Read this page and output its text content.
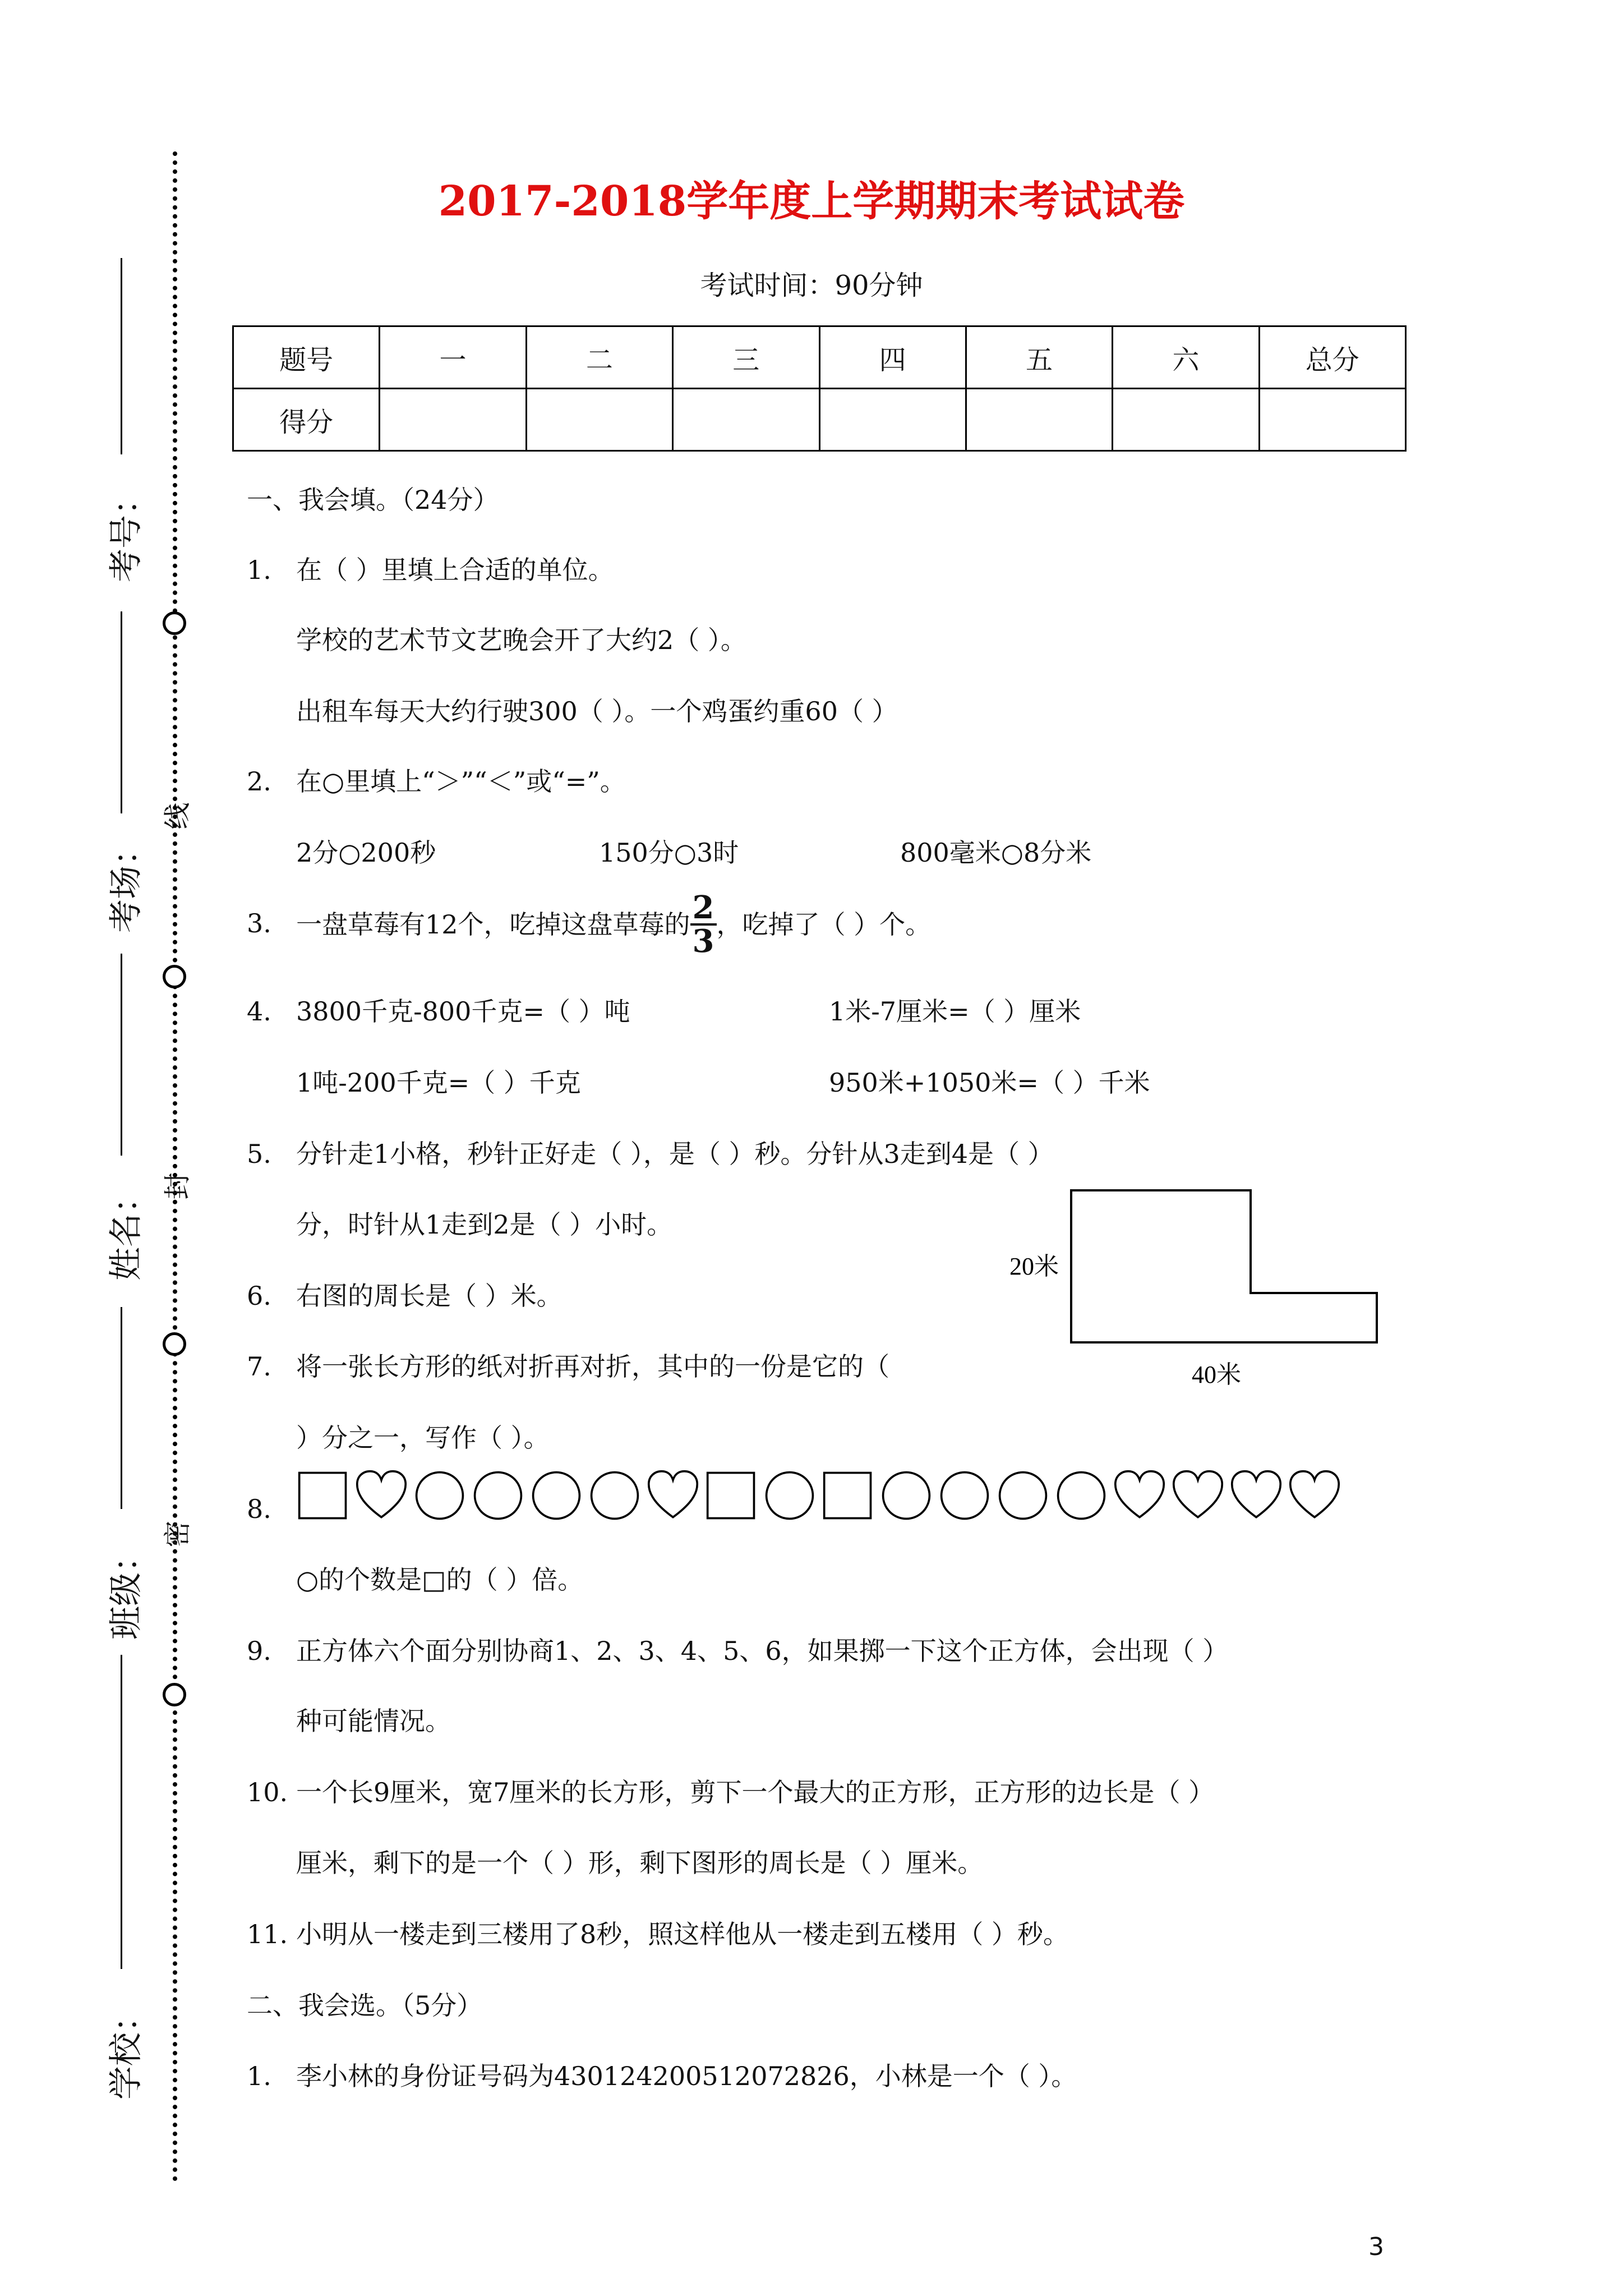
线
封
密
考号：
考场：
姓名：
班级：
学校：
2017-2018学年度上学期期末考试试卷
考试时间：90分钟
题号	一	二	三	四	五	六	总分
得分							
一、我会填。（24分）
1. 在（ ）里填上合适的单位。
学校的艺术节文艺晚会开了大约2（ ）。
出租车每天大约行驶300（ ）。一个鸡蛋约重60（ ）
2. 在○里填上“＞”“＜”或“=”。
2分○200秒	150分○3时	800毫米○8分米
3. 一盘草莓有12个，吃掉这盘草莓的 $\frac{2}{3}$ ，吃掉了（ ）个。
4. 3800千克-800千克=（ ）吨	1米-7厘米=（ ）厘米
1吨-200千克=（ ）千克	950米+1050米=（ ）千米
5. 分针走1小格，秒针正好走（ ），是（ ）秒。分针从3走到4是（ ）
分，时针从1走到2是（ ）小时。
6. 右图的周长是（ ）米。
20米
40米
7. 将一张长方形的纸对折再对折，其中的一份是它的（
）分之一，写作（ ）。
8.
○的个数是□的（ ）倍。
9. 正方体六个面分别协商1、2、3、4、5、6，如果掷一下这个正方体，会出现（ ）
种可能情况。
10. 一个长9厘米，宽7厘米的长方形，剪下一个最大的正方形，正方形的边长是（ ）
厘米，剩下的是一个（ ）形，剩下图形的周长是（ ）厘米。
11. 小明从一楼走到三楼用了8秒，照这样他从一楼走到五楼用（ ）秒。
二、我会选。（5分）
1. 李小林的身份证号码为430124200512072826，小林是一个（ ）。
3
